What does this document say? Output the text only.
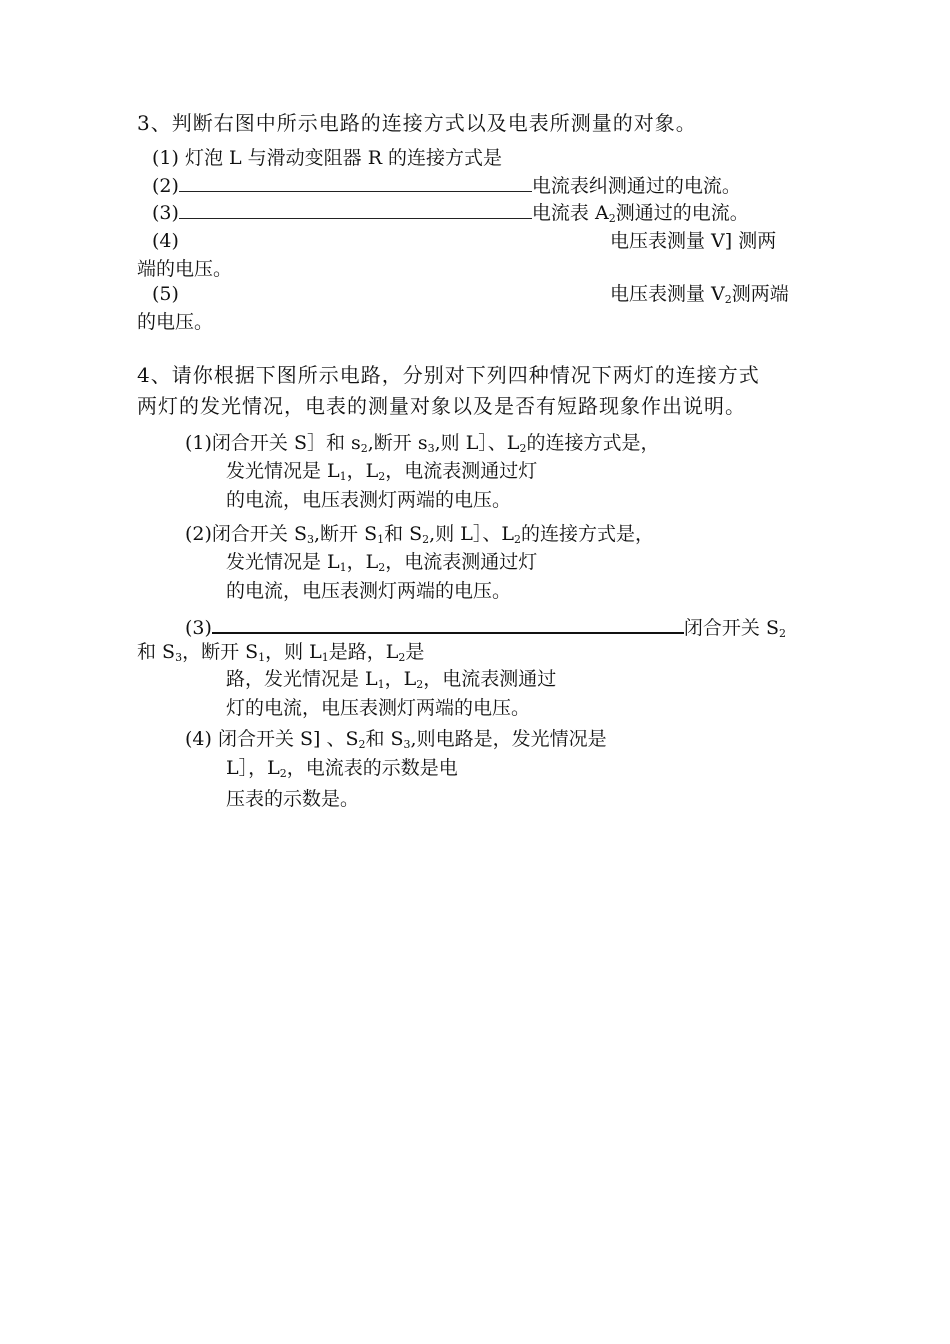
3、判断右图中所示电路的连接方式以及电表所测量的对象。
(1) 灯泡 L 与滑动变阻器 R 的连接方式是
(2)	电流表纠测通过的电流。
(3)	电流表 $A_2$测通过的电流。
(4)	电压表测量 V] 测两
端的电压。
(5)	电压表测量 $V_2$测两端
的电压。
4、请你根据下图所示电路，分别对下列四种情况下两灯的连接方式
两灯的发光情况，电表的测量对象以及是否有短路现象作出说明。
(1)闭合开关 S］和 $s_2$,断开 $s_3$,则 L］、$L_2$的连接方式是，
发光情况是 $L_1$，$L_2$，电流表测通过灯
的电流，电压表测灯两端的电压。
(2)闭合开关 $S_3$,断开 $S_1$和 $S_2$,则 L］、$L_2$的连接方式是，
发光情况是 $L_1$，$L_2$，电流表测通过灯
的电流，电压表测灯两端的电压。
(3)	闭合开关 $S_2$
和 $S_3$，断开 $S_1$，则 $L_1$是路，$L_2$是
路，发光情况是 $L_1$，$L_2$，电流表测通过
灯的电流，电压表测灯两端的电压。
(4) 闭合开关 S] 、$S_2$和 $S_3$,则电路是，发光情况是
L］，$L_2$，电流表的示数是电
压表的示数是。
